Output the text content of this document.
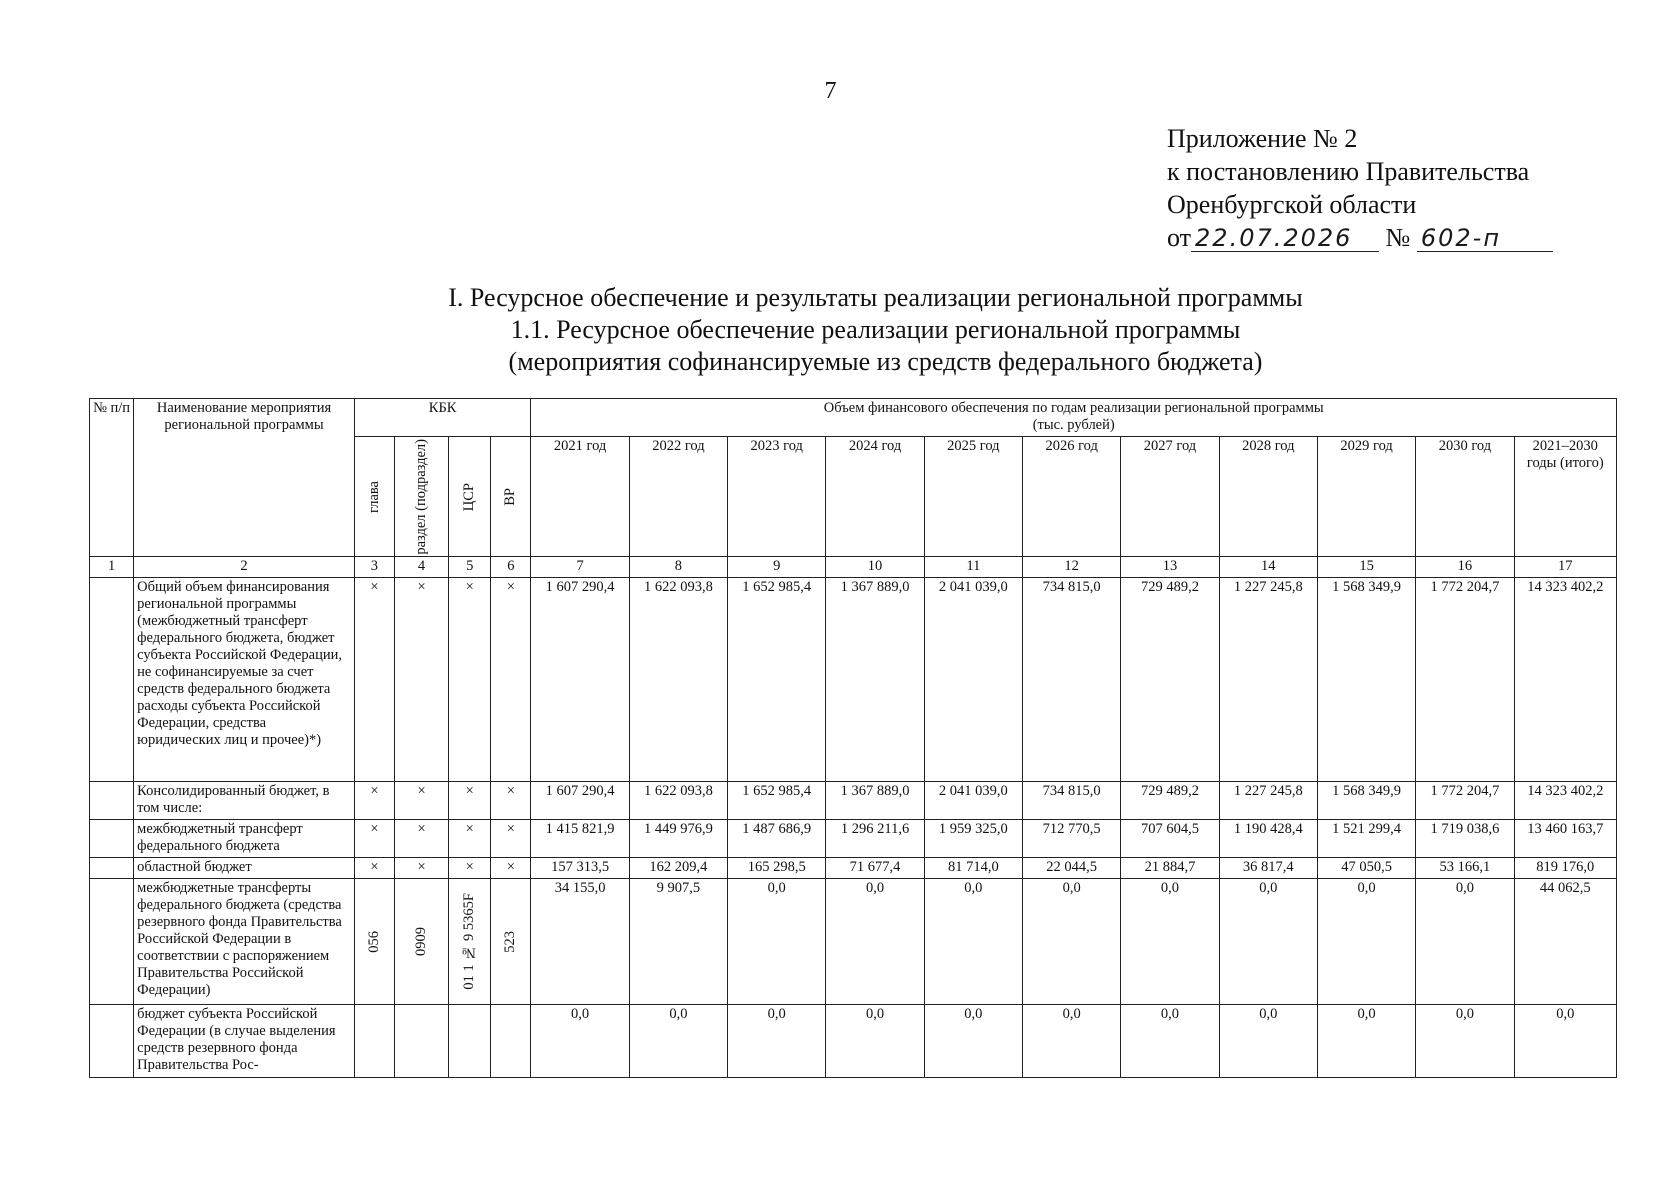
7
Приложение № 2
к постановлению Правительства
Оренбургской области
от 22.07.2026 № 602-п
I. Ресурсное обеспечение и результаты реализации региональной программы
1.1. Ресурсное обеспечение реализации региональной программы
(мероприятия софинансируемые из средств федерального бюджета)
№ п/п	Наименование мероприятия региональной программы	КБК				Объем финансового обеспечения по годам реализации региональной программы
(тыс. рублей)										

		глава	раздел (подраздел)	ЦСР	ВР	2021 год	2022 год	2023 год	2024 год	2025 год	2026 год	2027 год	2028 год	2029 год	2030 год	2021–2030 годы (итого)
1	2	3	4	5	6	7	8	9	10	11	12	13	14	15	16	17
	Общий объем финансирования региональной программы (межбюджетный трансферт федерального бюджета, бюджет субъекта Российской Федерации, не софинансируемые за счет средств федерального бюджета расходы субъекта Российской Федерации, средства юридических лиц и прочее)*)	×	×	×	×	1 607 290,4	1 622 093,8	1 652 985,4	1 367 889,0	2 041 039,0	734 815,0	729 489,2	1 227 245,8	1 568 349,9	1 772 204,7	14 323 402,2
	Консолидированный бюджет, в том числе:	×	×	×	×	1 607 290,4	1 622 093,8	1 652 985,4	1 367 889,0	2 041 039,0	734 815,0	729 489,2	1 227 245,8	1 568 349,9	1 772 204,7	14 323 402,2
	межбюджетный трансферт федерального бюджета	×	×	×	×	1 415 821,9	1 449 976,9	1 487 686,9	1 296 211,6	1 959 325,0	712 770,5	707 604,5	1 190 428,4	1 521 299,4	1 719 038,6	13 460 163,7
	областной бюджет	×	×	×	×	157 313,5	162 209,4	165 298,5	71 677,4	81 714,0	22 044,5	21 884,7	36 817,4	47 050,5	53 166,1	819 176,0
	межбюджетные трансферты федерального бюджета (средства резервного фонда Правительства Российской Федерации в соответствии с распоряжением Правительства Российской Федерации)	056	0909	01 1 № 9 5365F	523	34 155,0	9 907,5	0,0	0,0	0,0	0,0	0,0	0,0	0,0	0,0	44 062,5
	бюджет субъекта Российской Федерации (в случае выделения средств резервного фонда Правительства Рос-					0,0	0,0	0,0	0,0	0,0	0,0	0,0	0,0	0,0	0,0	0,0
